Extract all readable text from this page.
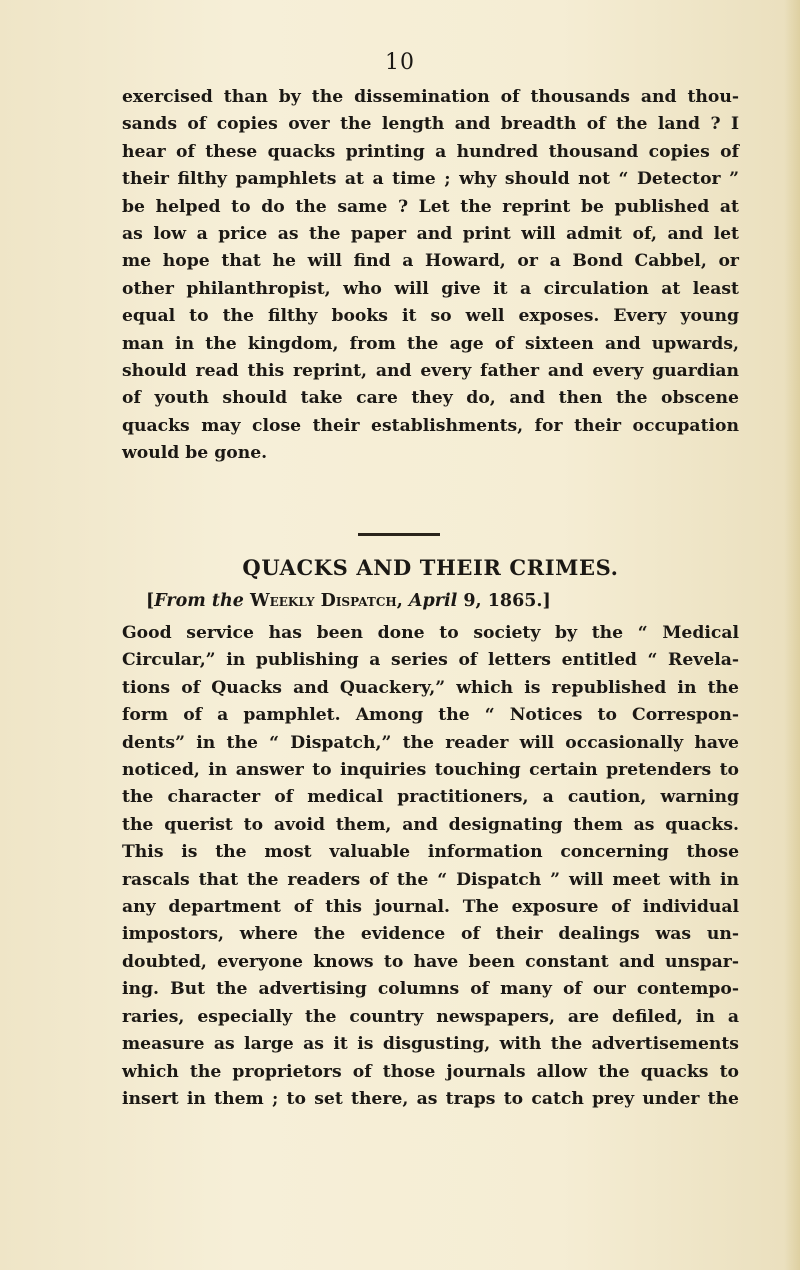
10
exercised than by the dissemination of thousands and thou-
sands of copies over the length and breadth of the land ? I
hear of these quacks printing a hundred thousand copies of
their filthy pamphlets at a time ; why should not “ Detector ”
be helped to do the same ? Let the reprint be published at
as low a price as the paper and print will admit of, and let
me hope that he will find a Howard, or a Bond Cabbel, or
other philanthropist, who will give it a circulation at least
equal to the filthy books it so well exposes. Every young
man in the kingdom, from the age of sixteen and upwards,
should read this reprint, and every father and every guardian
of youth should take care they do, and then the obscene
quacks may close their establishments, for their occupation
would be gone.
QUACKS AND THEIR CRIMES.
[From the Weekly Dispatch, April 9, 1865.]
Good service has been done to society by the “ Medical
Circular,” in publishing a series of letters entitled “ Revela-
tions of Quacks and Quackery,” which is republished in the
form of a pamphlet. Among the “ Notices to Correspon-
dents” in the “ Dispatch,” the reader will occasionally have
noticed, in answer to inquiries touching certain pretenders to
the character of medical practitioners, a caution, warning
the querist to avoid them, and designating them as quacks.
This is the most valuable information concerning those
rascals that the readers of the “ Dispatch ” will meet with in
any department of this journal. The exposure of individual
impostors, where the evidence of their dealings was un-
doubted, everyone knows to have been constant and unspar-
ing. But the advertising columns of many of our contempo-
raries, especially the country newspapers, are defiled, in a
measure as large as it is disgusting, with the advertisements
which the proprietors of those journals allow the quacks to
insert in them ; to set there, as traps to catch prey under the
